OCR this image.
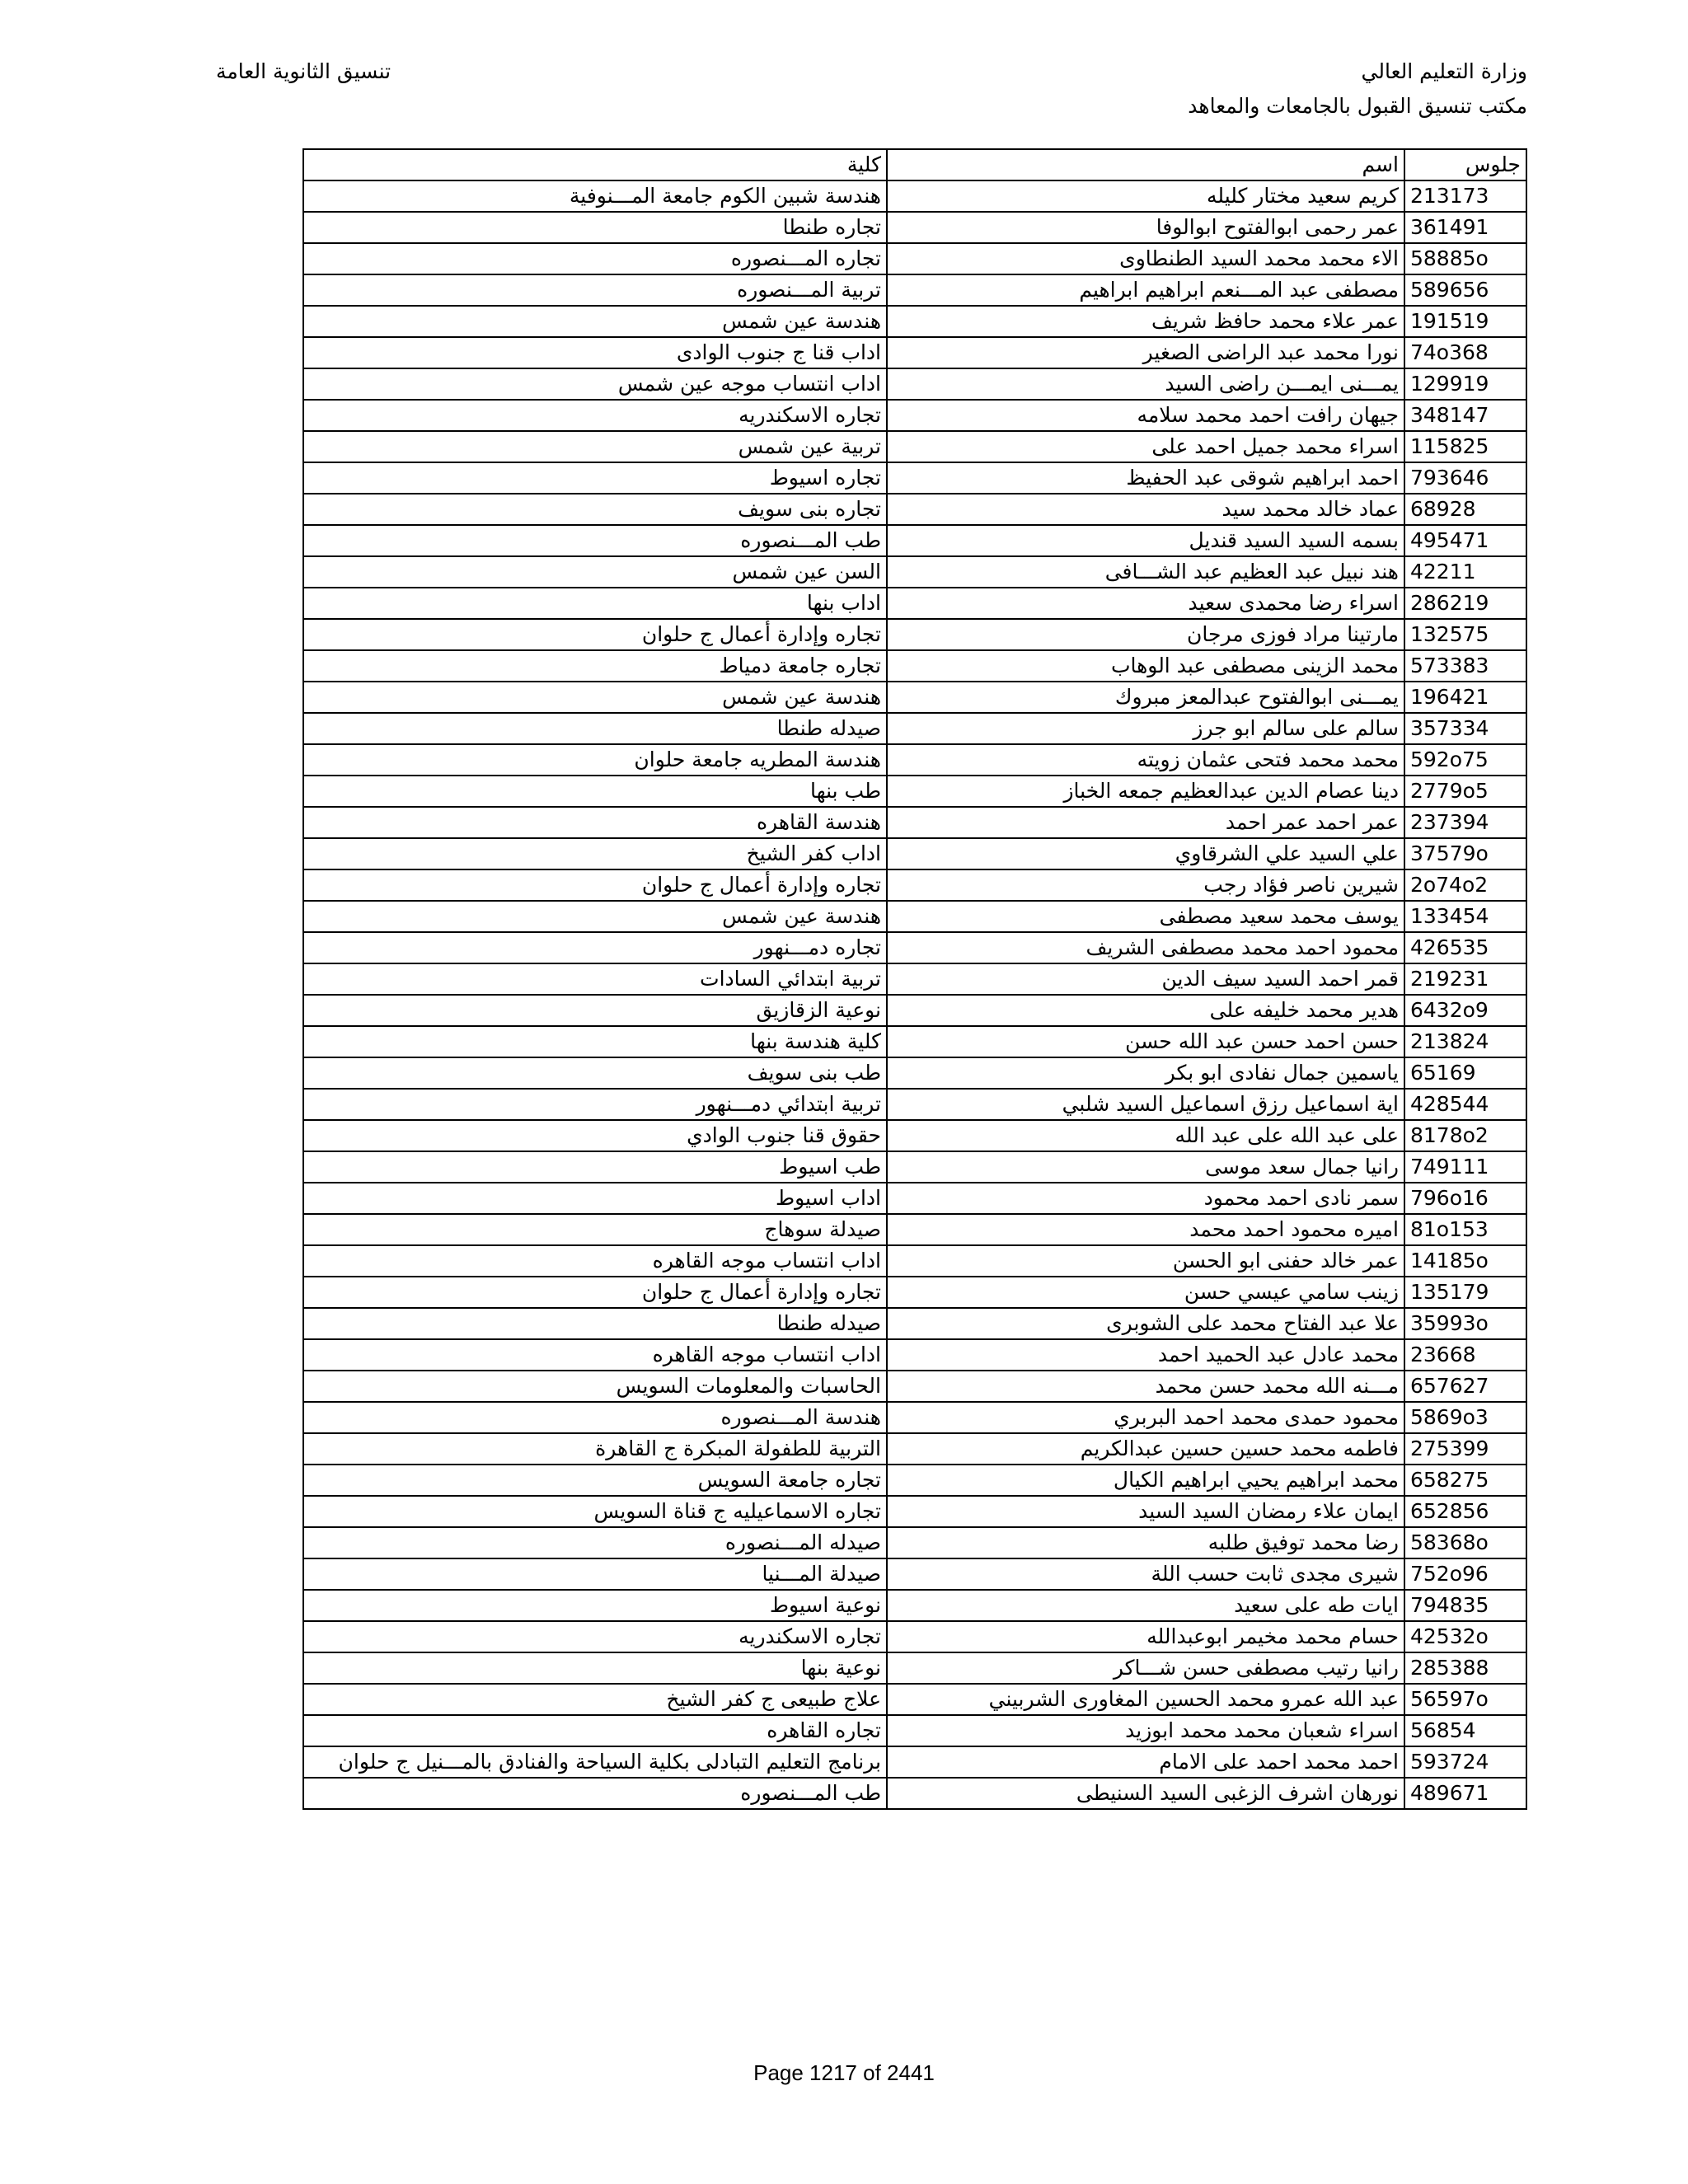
وزارة التعليم العالي
مكتب تنسيق القبول بالجامعات والمعاهد
تنسيق الثانوية العامة
جلوس	اسم	كلية
213173	كريم سعيد مختار كليله	هندسة شبين الكوم جامعة المـــنوفية
361491	عمر رحمى ابوالفتوح ابوالوفا	تجاره طنطا
58885o	الاء محمد محمد السيد الطنطاوى	تجاره المـــنصوره
589656	مصطفى عبد المـــنعم ابراهيم ابراهيم	تربية المـــنصوره
191519	عمر علاء محمد حافظ شريف	هندسة عين شمس
74o368	نورا محمد عبد الراضى الصغير	اداب قنا ج جنوب الوادى
129919	يمـــنى ايمـــن راضى السيد	اداب انتساب موجه عين شمس
348147	جيهان رافت احمد محمد سلامه	تجاره الاسكندريه
115825	اسراء محمد جميل احمد على	تربية عين شمس
793646	احمد ابراهيم شوقى عبد الحفيظ	تجاره اسيوط
68928	عماد خالد محمد سيد	تجاره بنى سويف
495471	بسمه السيد السيد قنديل	طب المـــنصوره
42211	هند نبيل عبد العظيم عبد الشـــافى	السن عين شمس
286219	اسراء رضا محمدى سعيد	اداب بنها
132575	مارتينا مراد فوزى مرجان	تجاره وإدارة أعمال ج حلوان
573383	محمد الزينى مصطفى عبد الوهاب	تجاره جامعة دمياط
196421	يمـــنى ابوالفتوح عبدالمعز مبروك	هندسة عين شمس
357334	سالم على سالم ابو جرز	صيدله طنطا
592o75	محمد محمد فتحى عثمان زويته	هندسة المطريه جامعة حلوان
2779o5	دينا عصام الدين عبدالعظيم جمعه الخباز	طب بنها
237394	عمر احمد عمر احمد	هندسة القاهره
37579o	علي السيد علي الشرقاوي	اداب كفر الشيخ
2o74o2	شيرين ناصر فؤاد رجب	تجاره وإدارة أعمال ج حلوان
133454	يوسف محمد سعيد مصطفى	هندسة عين شمس
426535	محمود احمد محمد مصطفى الشريف	تجاره دمـــنهور
219231	قمر احمد السيد سيف الدين	تربية ابتدائي السادات
6432o9	هدير محمد خليفه على	نوعية الزقازيق
213824	حسن احمد حسن عبد الله حسن	كلية هندسة بنها
65169	ياسمين جمال نفادى ابو بكر	طب بنى سويف
428544	اية اسماعيل رزق اسماعيل السيد شلبي	تربية ابتدائي دمـــنهور
8178o2	على عبد الله على عبد الله	حقوق قنا جنوب الوادي
749111	رانيا جمال سعد موسى	طب اسيوط
796o16	سمر نادى احمد محمود	اداب اسيوط
81o153	اميره محمود احمد محمد	صيدلة سوهاج
14185o	عمر خالد حفنى ابو الحسن	اداب انتساب موجه القاهره
135179	زينب سامي عيسي حسن	تجاره وإدارة أعمال ج حلوان
35993o	علا عبد الفتاح محمد على الشوبرى	صيدله طنطا
23668	محمد عادل عبد الحميد احمد	اداب انتساب موجه القاهره
657627	مـــنه الله محمد حسن محمد	الحاسبات والمعلومات السويس
5869o3	محمود حمدى محمد احمد البربري	هندسة المـــنصوره
275399	فاطمه محمد حسين حسين عبدالكريم	التربية للطفولة المبكرة ج القاهرة
658275	محمد ابراهيم يحيي ابراهيم الكيال	تجاره جامعة السويس
652856	ايمان علاء رمضان السيد السيد	تجاره الاسماعيليه ج قناة السويس
58368o	رضا محمد توفيق طلبه	صيدله المـــنصوره
752o96	شيرى مجدى ثابت حسب اللة	صيدلة المـــنيا
794835	ايات طه على سعيد	نوعية اسيوط
42532o	حسام محمد مخيمر ابوعبدالله	تجاره الاسكندريه
285388	رانيا رتيب مصطفى حسن شـــاكر	نوعية بنها
56597o	عبد الله عمرو محمد الحسين المغاورى الشربيني	علاج طبيعى ج كفر الشيخ
56854	اسراء شعبان محمد محمد ابوزيد	تجاره القاهره
593724	احمد محمد احمد على الامام	برنامج التعليم التبادلى بكلية السياحة والفنادق بالمـــنيل ج حلوان
489671	نورهان اشرف الزغبى السيد السنيطى	طب المـــنصوره
Page 1217 of 2441
